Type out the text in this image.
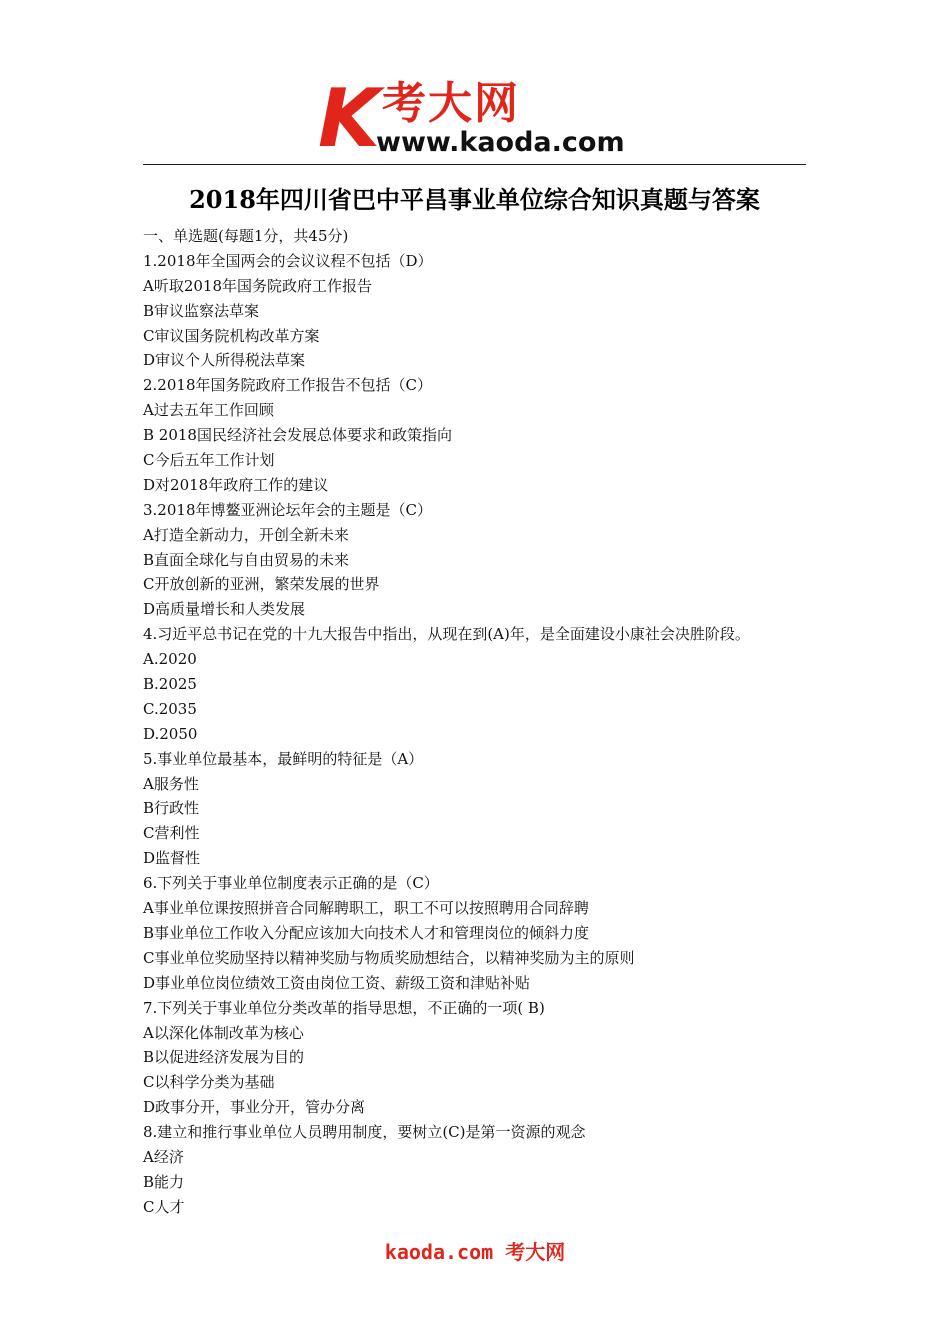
K 考大网
www.kaoda.com
2018年四川省巴中平昌事业单位综合知识真题与答案
一、单选题(每题1分，共45分)
1.2018年全国两会的会议议程不包括（D）
A听取2018年国务院政府工作报告
B审议监察法草案
C审议国务院机构改革方案
D审议个人所得税法草案
2.2018年国务院政府工作报告不包括（C）
A过去五年工作回顾
B 2018国民经济社会发展总体要求和政策指向
C今后五年工作计划
D对2018年政府工作的建议
3.2018年博鳌亚洲论坛年会的主题是（C）
A打造全新动力，开创全新未来
B直面全球化与自由贸易的未来
C开放创新的亚洲，繁荣发展的世界
D高质量增长和人类发展
4.习近平总书记在党的十九大报告中指出，从现在到(A)年，是全面建设小康社会决胜阶段。
A.2020
B.2025
C.2035
D.2050
5.事业单位最基本，最鲜明的特征是（A）
A服务性
B行政性
C营利性
D监督性
6.下列关于事业单位制度表示正确的是（C）
A事业单位课按照拼音合同解聘职工，职工不可以按照聘用合同辞聘
B事业单位工作收入分配应该加大向技术人才和管理岗位的倾斜力度
C事业单位奖励坚持以精神奖励与物质奖励想结合，以精神奖励为主的原则
D事业单位岗位绩效工资由岗位工资、薪级工资和津贴补贴
7.下列关于事业单位分类改革的指导思想，不正确的一项( B)
A以深化体制改革为核心
B以促进经济发展为目的
C以科学分类为基础
D政事分开，事业分开，管办分离
8.建立和推行事业单位人员聘用制度，要树立(C)是第一资源的观念
A经济
B能力
C人才
kaoda.com 考大网
